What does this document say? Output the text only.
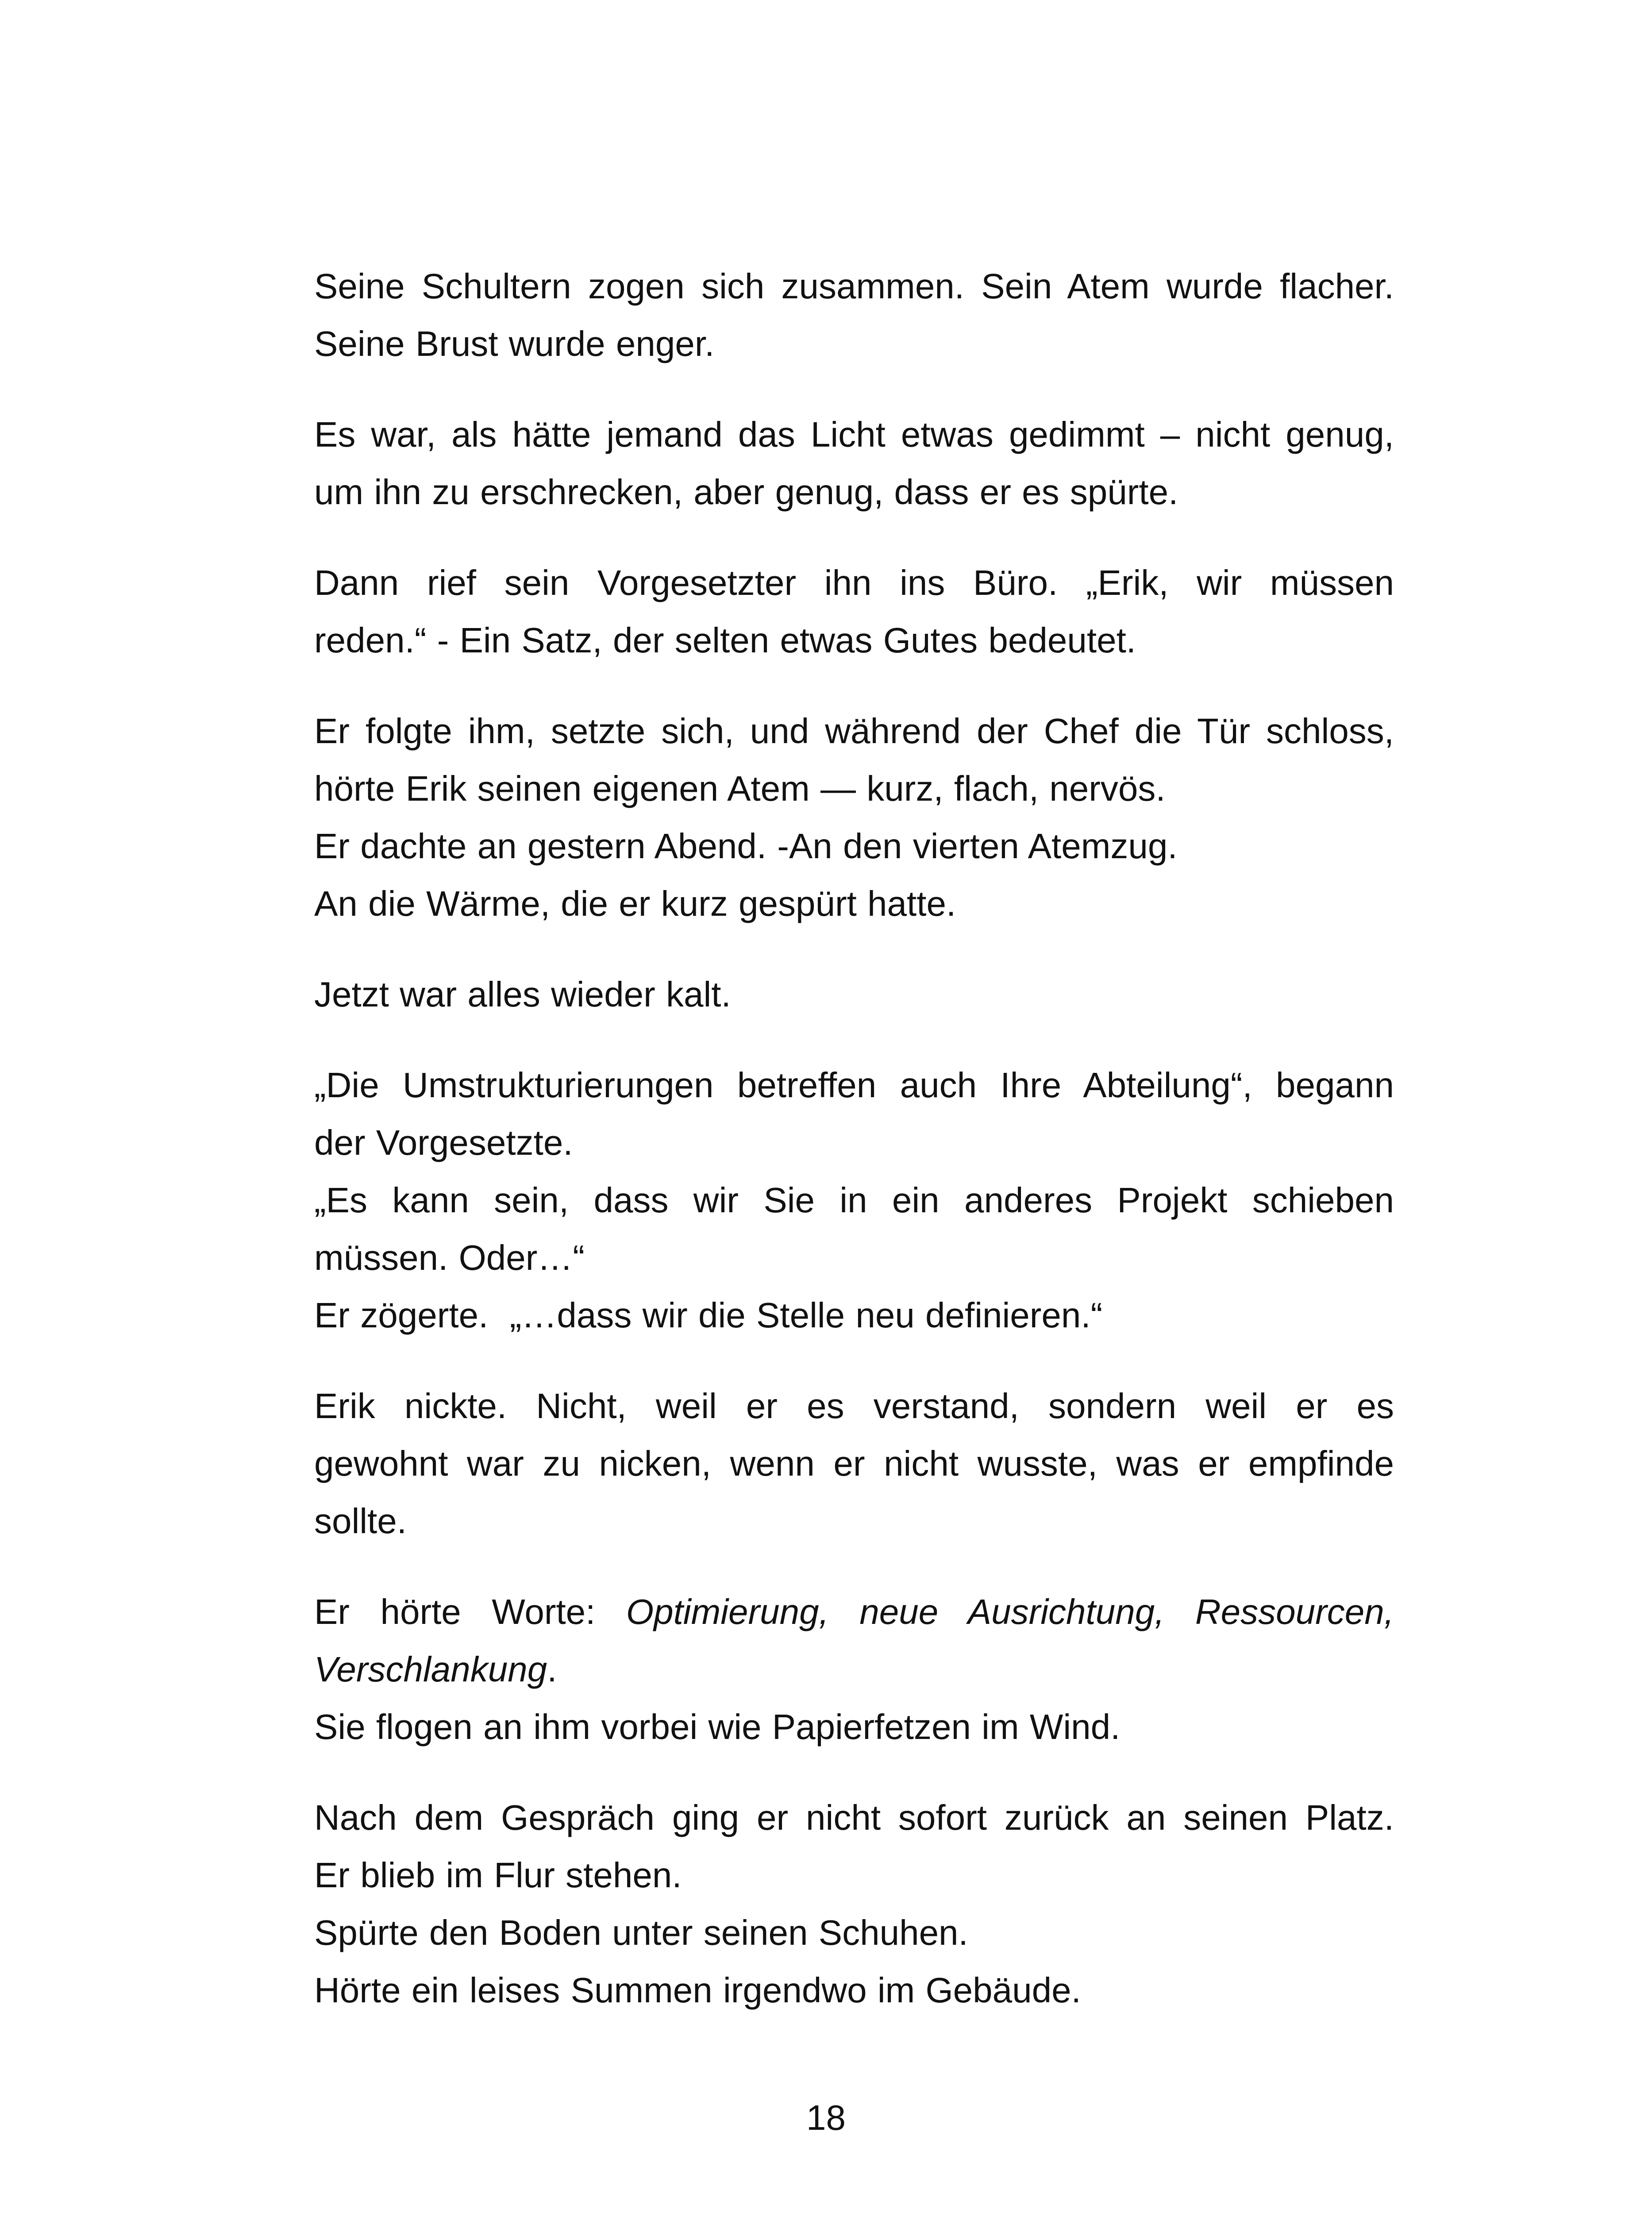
Seine Schultern zogen sich zusammen. Sein Atem wurde flacher.
Seine Brust wurde enger.

Es war, als hätte jemand das Licht etwas gedimmt – nicht genug,
um ihn zu erschrecken, aber genug, dass er es spürte.

Dann rief sein Vorgesetzter ihn ins Büro. „Erik, wir müssen
reden.“ - Ein Satz, der selten etwas Gutes bedeutet.

Er folgte ihm, setzte sich, und während der Chef die Tür schloss,
hörte Erik seinen eigenen Atem — kurz, flach, nervös.
Er dachte an gestern Abend. -An den vierten Atemzug.
An die Wärme, die er kurz gespürt hatte.

Jetzt war alles wieder kalt.

„Die Umstrukturierungen betreffen auch Ihre Abteilung“, begann
der Vorgesetzte.
„Es kann sein, dass wir Sie in ein anderes Projekt schieben
müssen. Oder…“
Er zögerte.  „…dass wir die Stelle neu definieren.“

Erik nickte. Nicht, weil er es verstand, sondern weil er es
gewohnt war zu nicken, wenn er nicht wusste, was er empfinde
sollte.

Er hörte Worte: Optimierung, neue Ausrichtung, Ressourcen,
Verschlankung.
Sie flogen an ihm vorbei wie Papierfetzen im Wind.

Nach dem Gespräch ging er nicht sofort zurück an seinen Platz.
Er blieb im Flur stehen.
Spürte den Boden unter seinen Schuhen.
Hörte ein leises Summen irgendwo im Gebäude.

18
